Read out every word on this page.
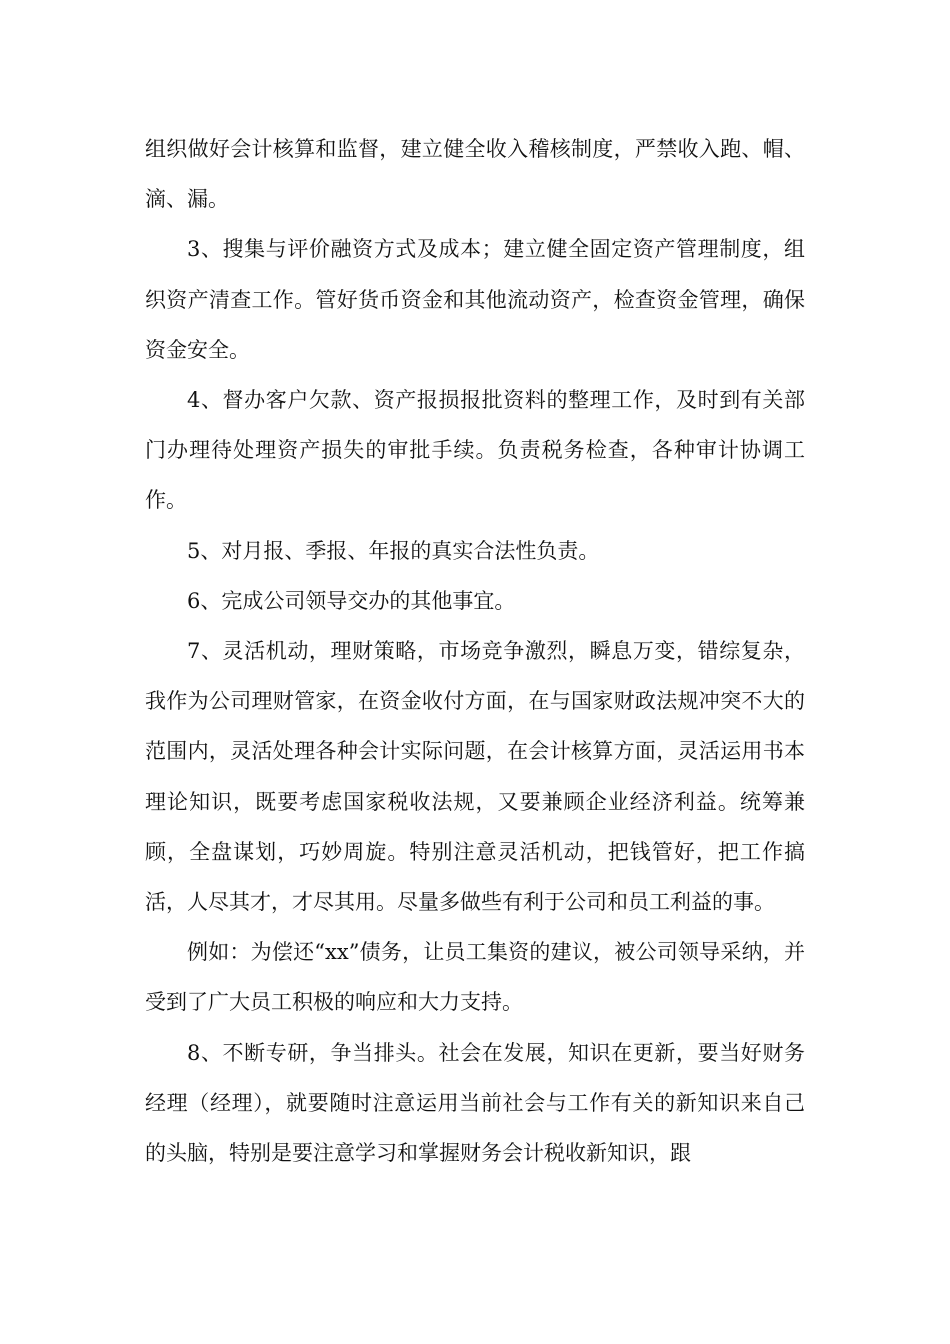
组织做好会计核算和监督，建立健全收入稽核制度，严禁收入跑、帽、滴、漏。

3、搜集与评价融资方式及成本；建立健全固定资产管理制度，组织资产清查工作。管好货币资金和其他流动资产，检查资金管理，确保资金安全。

4、督办客户欠款、资产报损报批资料的整理工作，及时到有关部门办理待处理资产损失的审批手续。负责税务检查，各种审计协调工作。

5、对月报、季报、年报的真实合法性负责。

6、完成公司领导交办的其他事宜。

7、灵活机动，理财策略，市场竞争激烈，瞬息万变，错综复杂，我作为公司理财管家，在资金收付方面，在与国家财政法规冲突不大的范围内，灵活处理各种会计实际问题，在会计核算方面，灵活运用书本理论知识，既要考虑国家税收法规，又要兼顾企业经济利益。统筹兼顾，全盘谋划，巧妙周旋。特别注意灵活机动，把钱管好，把工作搞活，人尽其才，才尽其用。尽量多做些有利于公司和员工利益的事。

例如：为偿还“xx”债务，让员工集资的建议，被公司领导采纳，并受到了广大员工积极的响应和大力支持。

8、不断专研，争当排头。社会在发展，知识在更新，要当好财务经理（经理），就要随时注意运用当前社会与工作有关的新知识来自己的头脑，特别是要注意学习和掌握财务会计税收新知识，跟
